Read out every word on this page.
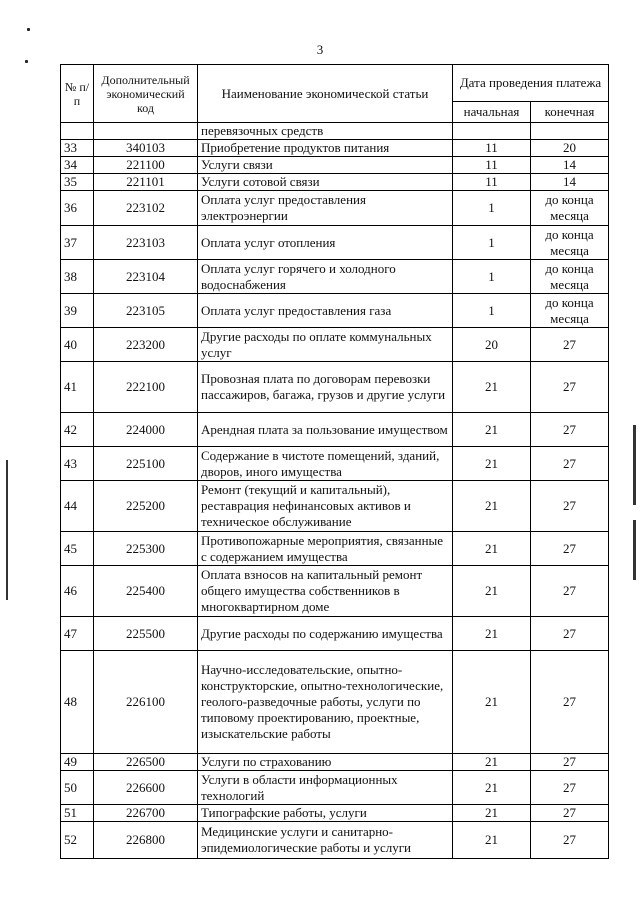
3
№ п/п	Дополнительный экономический код	Наименование экономической статьи	Дата проведения платежа	
			начальная	конечная
		перевязочных средств		
33	340103	Приобретение продуктов питания	11	20
34	221100	Услуги связи	11	14
35	221101	Услуги сотовой связи	11	14
36	223102	Оплата услуг предоставления электроэнергии	1	до конца месяца
37	223103	Оплата услуг отопления	1	до конца месяца
38	223104	Оплата услуг горячего и холодного водоснабжения	1	до конца месяца
39	223105	Оплата услуг предоставления газа	1	до конца месяца
40	223200	Другие расходы по оплате коммунальных услуг	20	27
41	222100	Провозная плата по договорам перевозки пассажиров, багажа, грузов и другие услуги	21	27
42	224000	Арендная плата за пользование имуществом	21	27
43	225100	Содержание в чистоте помещений, зданий, дворов, иного имущества	21	27
44	225200	Ремонт (текущий и капитальный), реставрация нефинансовых активов и техническое обслуживание	21	27
45	225300	Противопожарные мероприятия, связанные с содержанием имущества	21	27
46	225400	Оплата взносов на капитальный ремонт общего имущества собственников в многоквартирном доме	21	27
47	225500	Другие расходы по содержанию имущества	21	27
48	226100	Научно-исследовательские, опытно-конструкторские, опытно-технологические, геолого-разведочные работы, услуги по типовому проектированию, проектные, изыскательские работы	21	27
49	226500	Услуги по страхованию	21	27
50	226600	Услуги в области информационных технологий	21	27
51	226700	Типографские работы, услуги	21	27
52	226800	Медицинские услуги и санитарно-эпидемиологические работы и услуги	21	27
